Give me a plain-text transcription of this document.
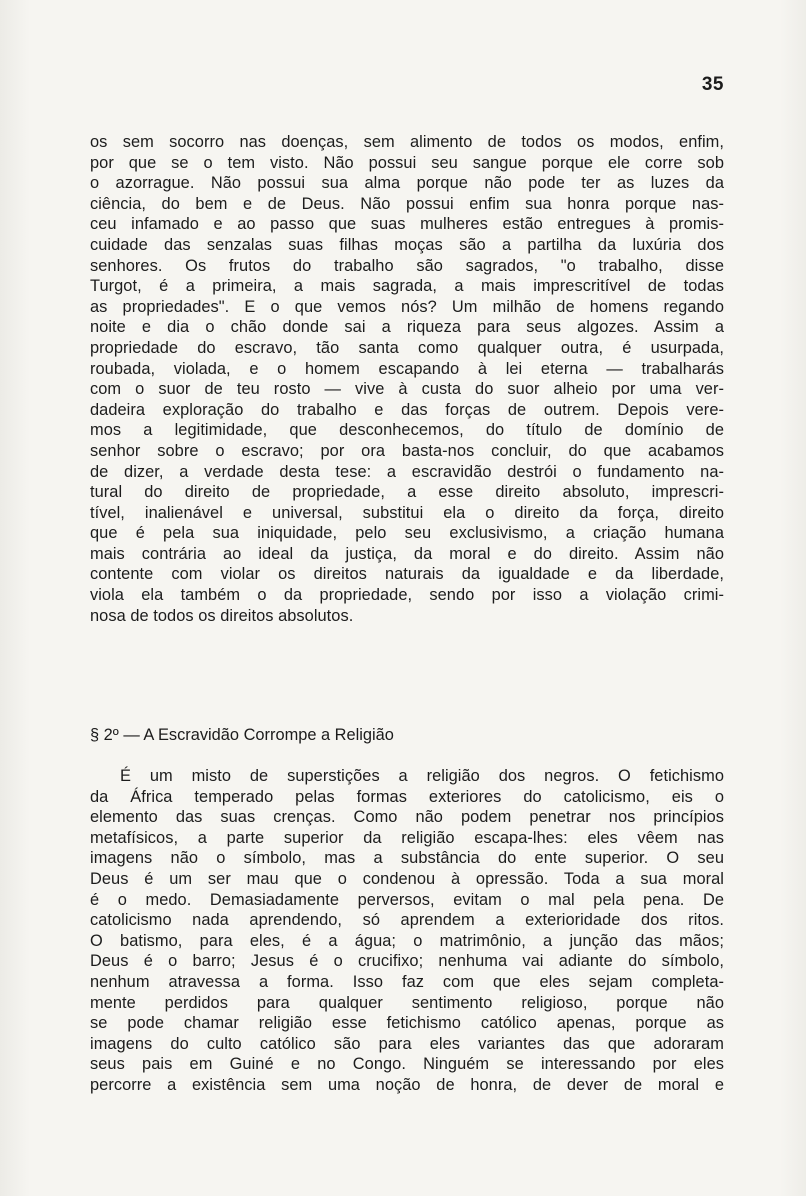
35
os sem socorro nas doenças, sem alimento de todos os modos, enfim,
por que se o tem visto. Não possui seu sangue porque ele corre sob
o azorrague. Não possui sua alma porque não pode ter as luzes da
ciência, do bem e de Deus. Não possui enfim sua honra porque nas-
ceu infamado e ao passo que suas mulheres estão entregues à promis-
cuidade das senzalas suas filhas moças são a partilha da luxúria dos
senhores. Os frutos do trabalho são sagrados, "o trabalho, disse
Turgot, é a primeira, a mais sagrada, a mais imprescritível de todas
as propriedades". E o que vemos nós? Um milhão de homens regando
noite e dia o chão donde sai a riqueza para seus algozes. Assim a
propriedade do escravo, tão santa como qualquer outra, é usurpada,
roubada, violada, e o homem escapando à lei eterna — trabalharás
com o suor de teu rosto — vive à custa do suor alheio por uma ver-
dadeira exploração do trabalho e das forças de outrem. Depois vere-
mos a legitimidade, que desconhecemos, do título de domínio de
senhor sobre o escravo; por ora basta-nos concluir, do que acabamos
de dizer, a verdade desta tese: a escravidão destrói o fundamento na-
tural do direito de propriedade, a esse direito absoluto, imprescri-
tível, inalienável e universal, substitui ela o direito da força, direito
que é pela sua iniquidade, pelo seu exclusivismo, a criação humana
mais contrária ao ideal da justiça, da moral e do direito. Assim não
contente com violar os direitos naturais da igualdade e da liberdade,
viola ela também o da propriedade, sendo por isso a violação crimi-
nosa de todos os direitos absolutos.
§ 2º — A Escravidão Corrompe a Religião
É um misto de superstições a religião dos negros. O fetichismo
da África temperado pelas formas exteriores do catolicismo, eis o
elemento das suas crenças. Como não podem penetrar nos princípios
metafísicos, a parte superior da religião escapa-lhes: eles vêem nas
imagens não o símbolo, mas a substância do ente superior. O seu
Deus é um ser mau que o condenou à opressão. Toda a sua moral
é o medo. Demasiadamente perversos, evitam o mal pela pena. De
catolicismo nada aprendendo, só aprendem a exterioridade dos ritos.
O batismo, para eles, é a água; o matrimônio, a junção das mãos;
Deus é o barro; Jesus é o crucifixo; nenhuma vai adiante do símbolo,
nenhum atravessa a forma. Isso faz com que eles sejam completa-
mente perdidos para qualquer sentimento religioso, porque não
se pode chamar religião esse fetichismo católico apenas, porque as
imagens do culto católico são para eles variantes das que adoraram
seus pais em Guiné e no Congo. Ninguém se interessando por eles
percorre a existência sem uma noção de honra, de dever de moral e
